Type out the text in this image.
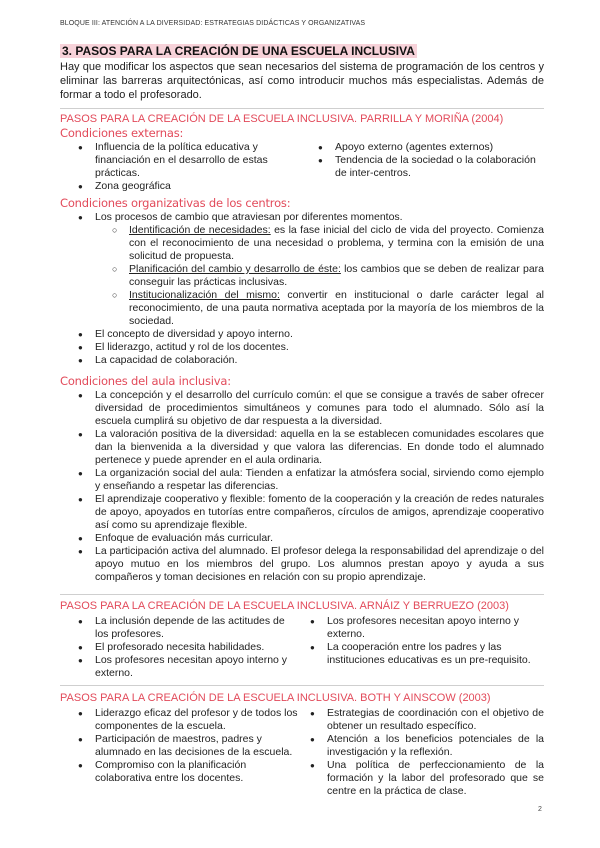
BLOQUE III: ATENCIÓN A LA DIVERSIDAD: ESTRATEGIAS DIDÁCTICAS Y ORGANIZATIVAS
3. PASOS PARA LA CREACIÓN DE UNA ESCUELA INCLUSIVA
Hay que modificar los aspectos que sean necesarios del sistema de programación de los centros y eliminar las barreras arquitectónicas, así como introducir muchos más especialistas. Además de formar a todo el profesorado.
PASOS PARA LA CREACIÓN DE LA ESCUELA INCLUSIVA. PARRILLA Y MORIÑA (2004)
Condiciones externas:
● Influencia de la política educativa y financiación en el desarrollo de estas prácticas.
● Zona geográfica
● Apoyo externo (agentes externos)
● Tendencia de la sociedad o la colaboración de inter-centros.
Condiciones organizativas de los centros:
● Los procesos de cambio que atraviesan por diferentes momentos.
○ Identificación de necesidades: es la fase inicial del ciclo de vida del proyecto. Comienza con el reconocimiento de una necesidad o problema, y termina con la emisión de una solicitud de propuesta.
○ Planificación del cambio y desarrollo de éste: los cambios que se deben de realizar para conseguir las prácticas inclusivas.
○ Institucionalización del mismo: convertir en institucional o darle carácter legal al reconocimiento, de una pauta normativa aceptada por la mayoría de los miembros de la sociedad.
● El concepto de diversidad y apoyo interno.
● El liderazgo, actitud y rol de los docentes.
● La capacidad de colaboración.
Condiciones del aula inclusiva:
● La concepción y el desarrollo del currículo común: el que se consigue a través de saber ofrecer diversidad de procedimientos simultáneos y comunes para todo el alumnado. Sólo así la escuela cumplirá su objetivo de dar respuesta a la diversidad.
● La valoración positiva de la diversidad: aquella en la se establecen comunidades escolares que dan la bienvenida a la diversidad y que valora las diferencias. En donde todo el alumnado pertenece y puede aprender en el aula ordinaria.
● La organización social del aula: Tienden a enfatizar la atmósfera social, sirviendo como ejemplo y enseñando a respetar las diferencias.
● El aprendizaje cooperativo y flexible: fomento de la cooperación y la creación de redes naturales de apoyo, apoyados en tutorías entre compañeros, círculos de amigos, aprendizaje cooperativo así como su aprendizaje flexible.
● Enfoque de evaluación más curricular.
● La participación activa del alumnado. El profesor delega la responsabilidad del aprendizaje o del apoyo mutuo en los miembros del grupo. Los alumnos prestan apoyo y ayuda a sus compañeros y toman decisiones en relación con su propio aprendizaje.
PASOS PARA LA CREACIÓN DE LA ESCUELA INCLUSIVA. ARNÁIZ Y BERRUEZO (2003)
● La inclusión depende de las actitudes de los profesores.
● El profesorado necesita habilidades.
● Los profesores necesitan apoyo interno y externo.
● Los profesores necesitan apoyo interno y externo.
● La cooperación entre los padres y las instituciones educativas es un pre-requisito.
PASOS PARA LA CREACIÓN DE LA ESCUELA INCLUSIVA. BOTH Y AINSCOW (2003)
● Liderazgo eficaz del profesor y de todos los componentes de la escuela.
● Participación de maestros, padres y alumnado en las decisiones de la escuela.
● Compromiso con la planificación colaborativa entre los docentes.
● Estrategias de coordinación con el objetivo de obtener un resultado específico.
● Atención a los beneficios potenciales de la investigación y la reflexión.
● Una política de perfeccionamiento de la formación y la labor del profesorado que se centre en la práctica de clase.
2
